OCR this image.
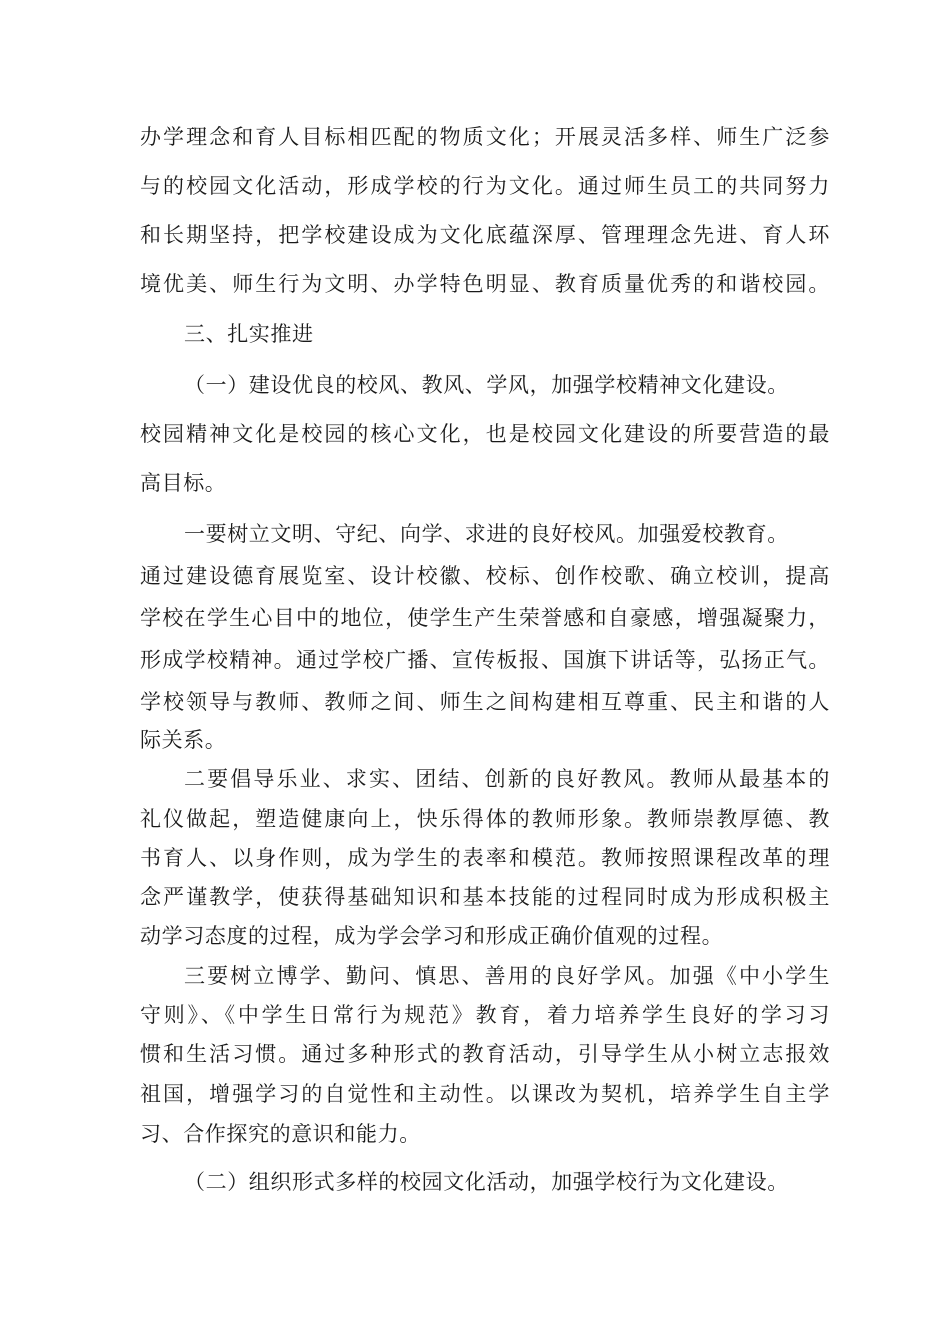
办学理念和育人目标相匹配的物质文化；开展灵活多样、师生广泛参
与的校园文化活动，形成学校的行为文化。通过师生员工的共同努力
和长期坚持，把学校建设成为文化底蕴深厚、管理理念先进、育人环
境优美、师生行为文明、办学特色明显、教育质量优秀的和谐校园。
三、扎实推进
（一）建设优良的校风、教风、学风，加强学校精神文化建设。
校园精神文化是校园的核心文化，也是校园文化建设的所要营造的最
高目标。
一要树立文明、守纪、向学、求进的良好校风。加强爱校教育。
通过建设德育展览室、设计校徽、校标、创作校歌、确立校训，提高
学校在学生心目中的地位，使学生产生荣誉感和自豪感，增强凝聚力，
形成学校精神。通过学校广播、宣传板报、国旗下讲话等，弘扬正气。
学校领导与教师、教师之间、师生之间构建相互尊重、民主和谐的人
际关系。
二要倡导乐业、求实、团结、创新的良好教风。教师从最基本的
礼仪做起，塑造健康向上，快乐得体的教师形象。教师崇教厚德、教
书育人、以身作则，成为学生的表率和模范。教师按照课程改革的理
念严谨教学，使获得基础知识和基本技能的过程同时成为形成积极主
动学习态度的过程，成为学会学习和形成正确价值观的过程。
三要树立博学、勤问、慎思、善用的良好学风。加强《中小学生
守则》、《中学生日常行为规范》教育，着力培养学生良好的学习习
惯和生活习惯。通过多种形式的教育活动，引导学生从小树立志报效
祖国，增强学习的自觉性和主动性。以课改为契机，培养学生自主学
习、合作探究的意识和能力。
（二）组织形式多样的校园文化活动，加强学校行为文化建设。
